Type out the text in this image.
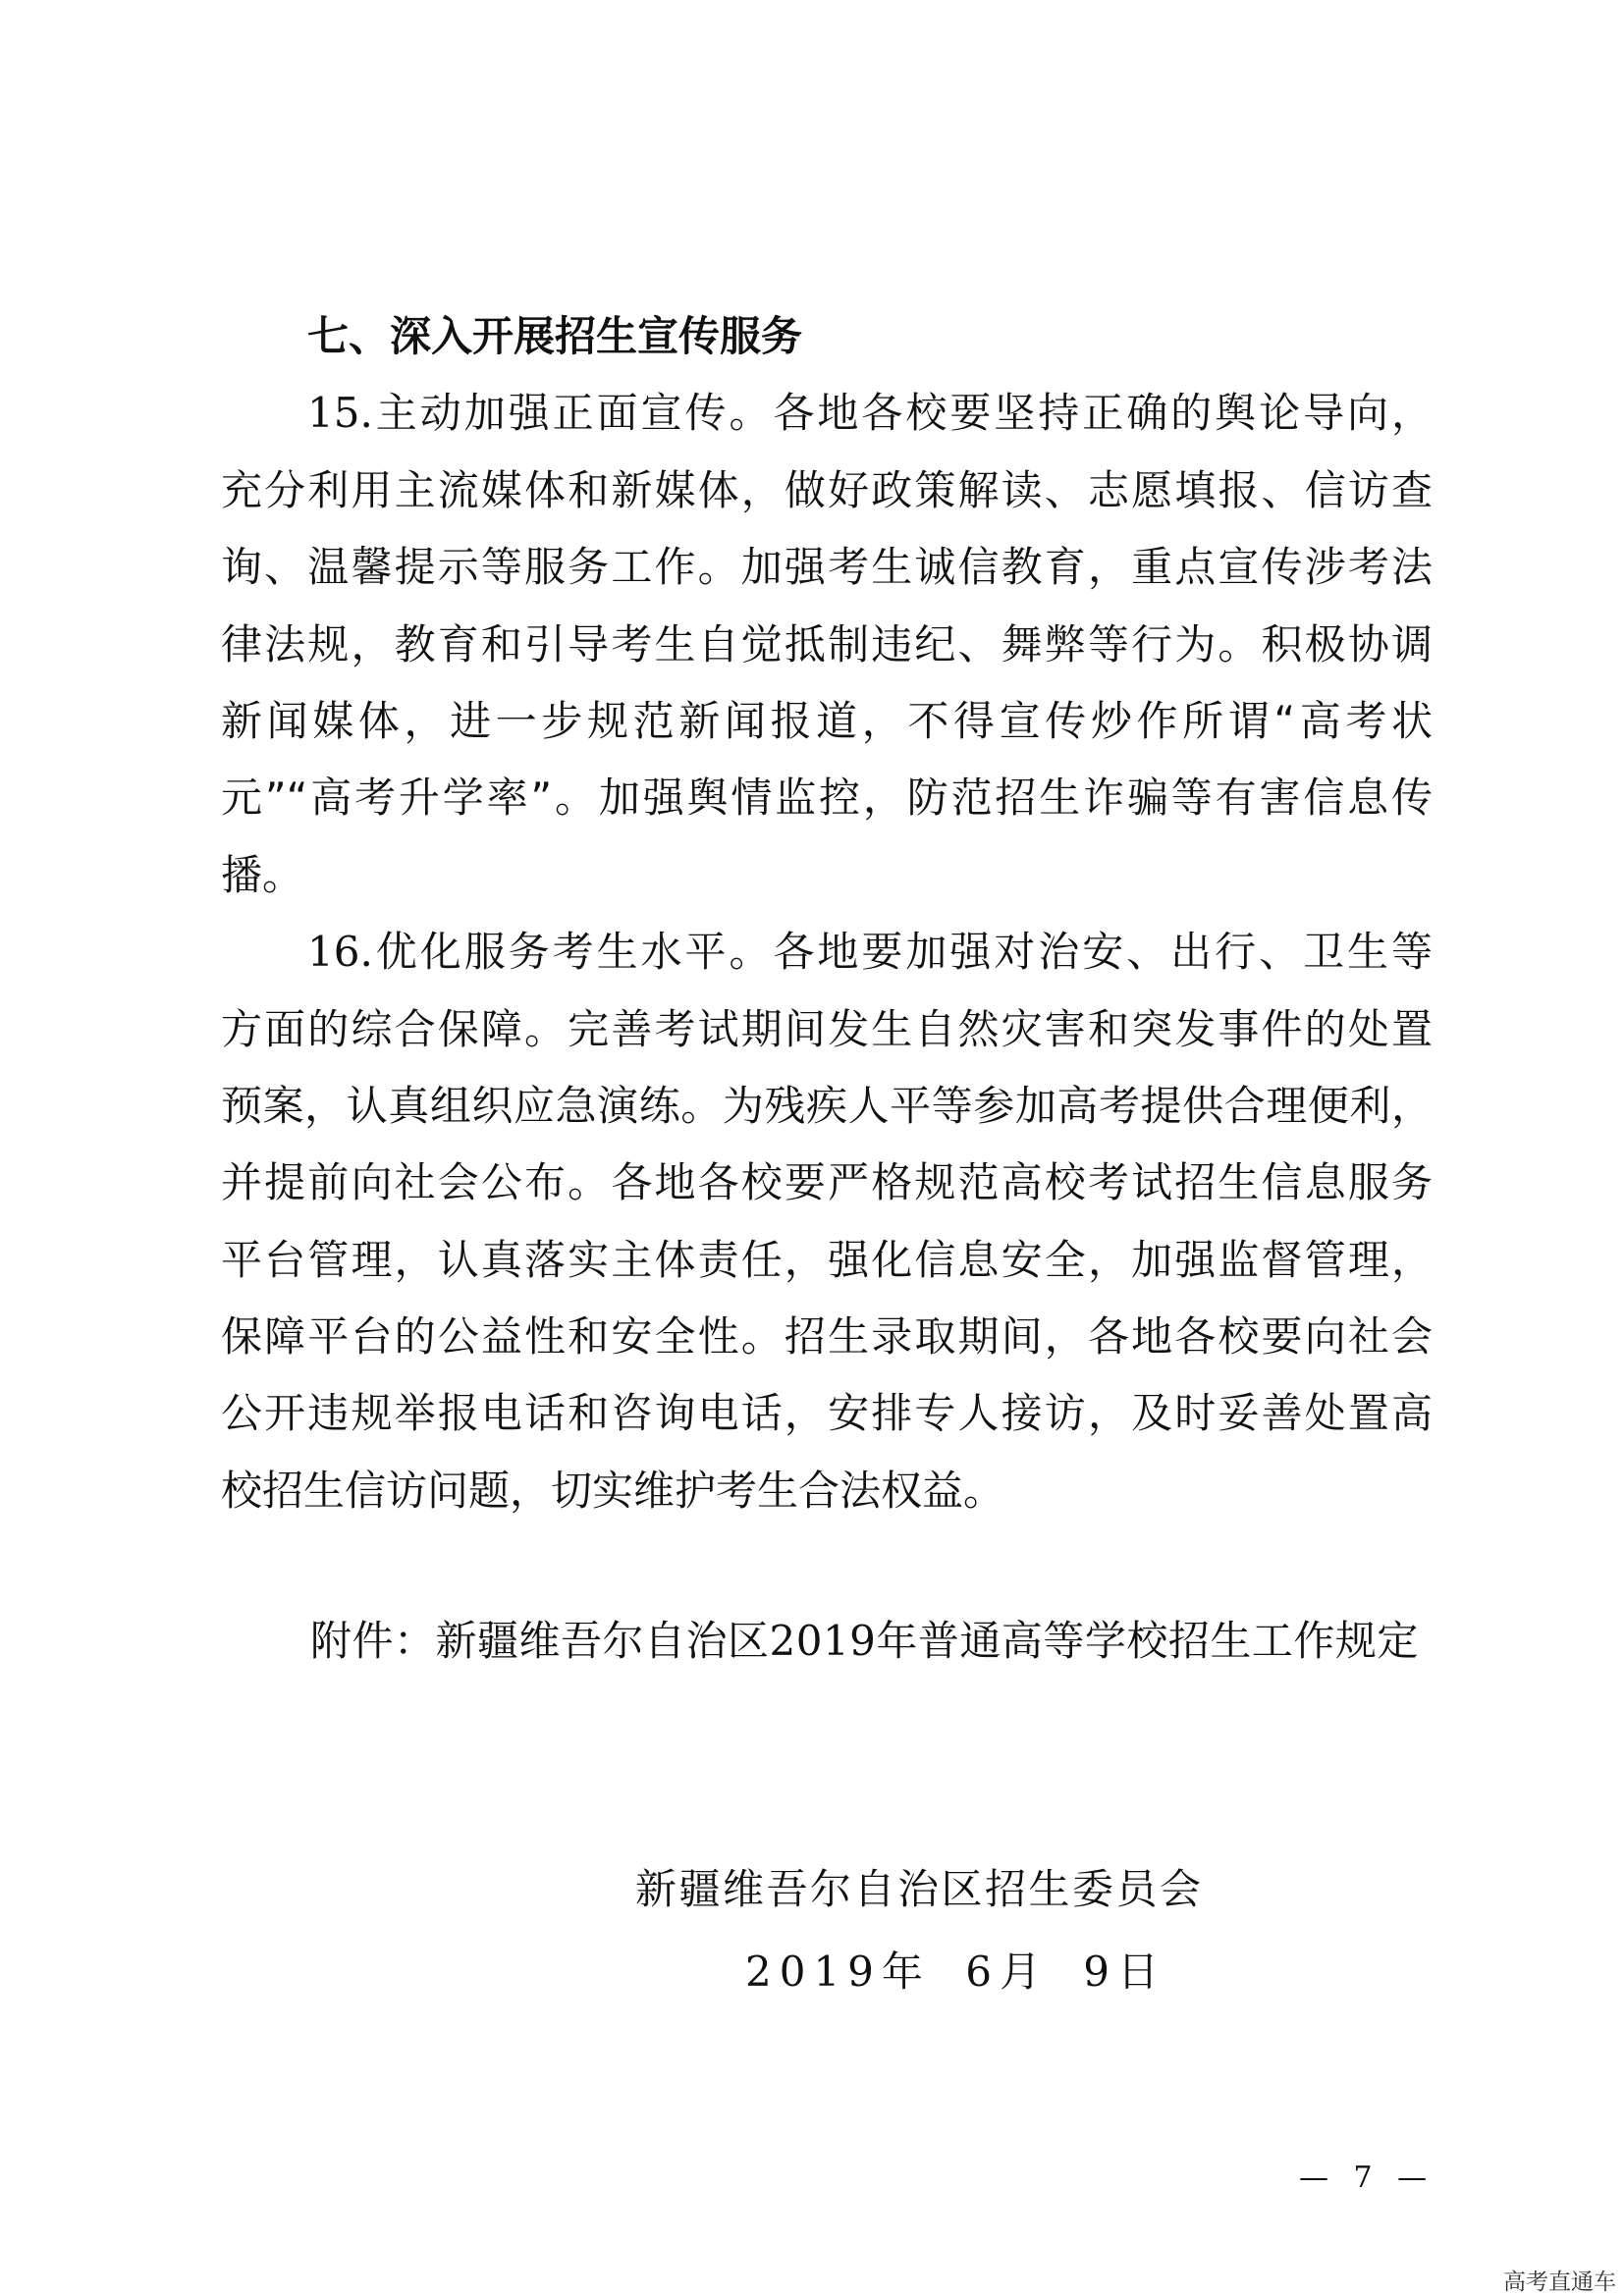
七、深入开展招生宣传服务
15.主动加强正面宣传。各地各校要坚持正确的舆论导向，
充分利用主流媒体和新媒体，做好政策解读、志愿填报、信访查
询、温馨提示等服务工作。加强考生诚信教育，重点宣传涉考法
律法规，教育和引导考生自觉抵制违纪、舞弊等行为。积极协调
新闻媒体，进一步规范新闻报道，不得宣传炒作所谓“高考状
元”“高考升学率”。加强舆情监控，防范招生诈骗等有害信息传
播。
16.优化服务考生水平。各地要加强对治安、出行、卫生等
方面的综合保障。完善考试期间发生自然灾害和突发事件的处置
预案，认真组织应急演练。为残疾人平等参加高考提供合理便利，
并提前向社会公布。各地各校要严格规范高校考试招生信息服务
平台管理，认真落实主体责任，强化信息安全，加强监督管理，
保障平台的公益性和安全性。招生录取期间，各地各校要向社会
公开违规举报电话和咨询电话，安排专人接访，及时妥善处置高
校招生信访问题，切实维护考生合法权益。
附件：新疆维吾尔自治区2019年普通高等学校招生工作规定
新疆维吾尔自治区招生委员会
2019年 6月 9日
— 7 —
高考直通车
